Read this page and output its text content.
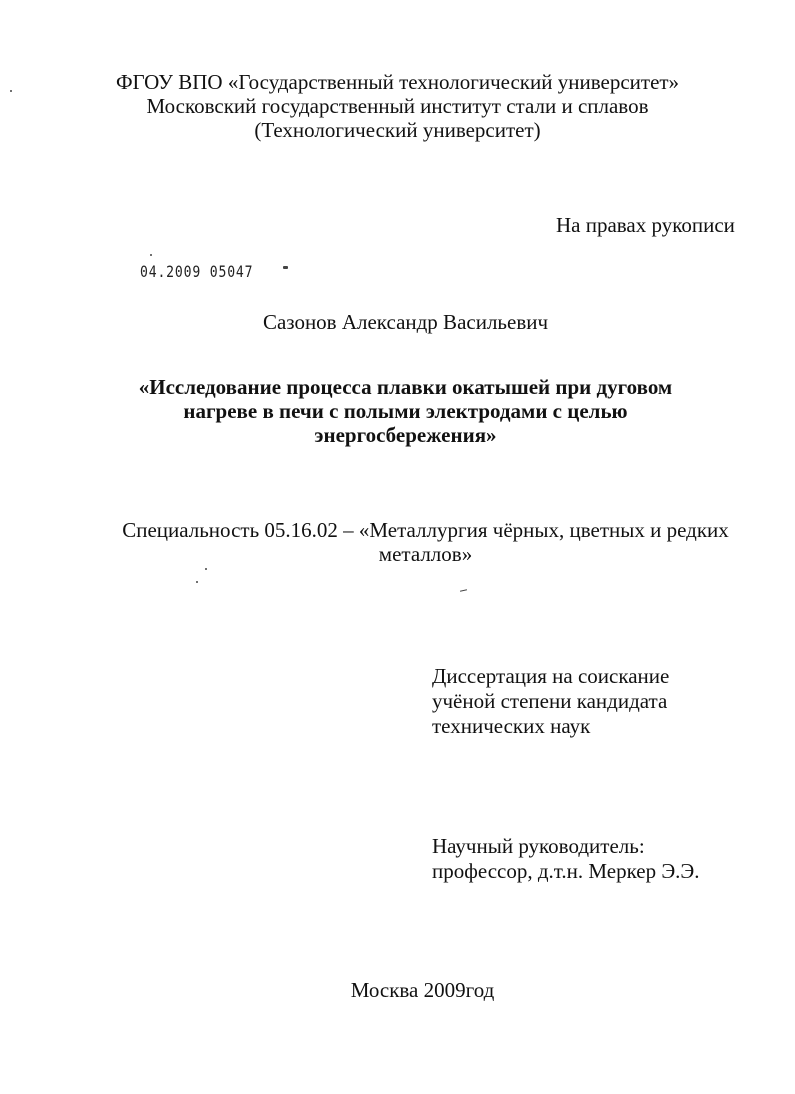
ФГОУ ВПО «Государственный технологический университет»
Московский государственный институт стали и сплавов
(Технологический университет)
На правах рукописи
04.2009 05047
Сазонов Александр Васильевич
«Исследование процесса плавки окатышей при дуговом
нагреве в печи с полыми электродами с целью
энергосбережения»
Специальность 05.16.02 – «Металлургия чёрных, цветных и редких
металлов»
Диссертация на соискание
учёной степени кандидата
технических наук
Научный руководитель:
профессор, д.т.н. Меркер Э.Э.
Москва 2009год
